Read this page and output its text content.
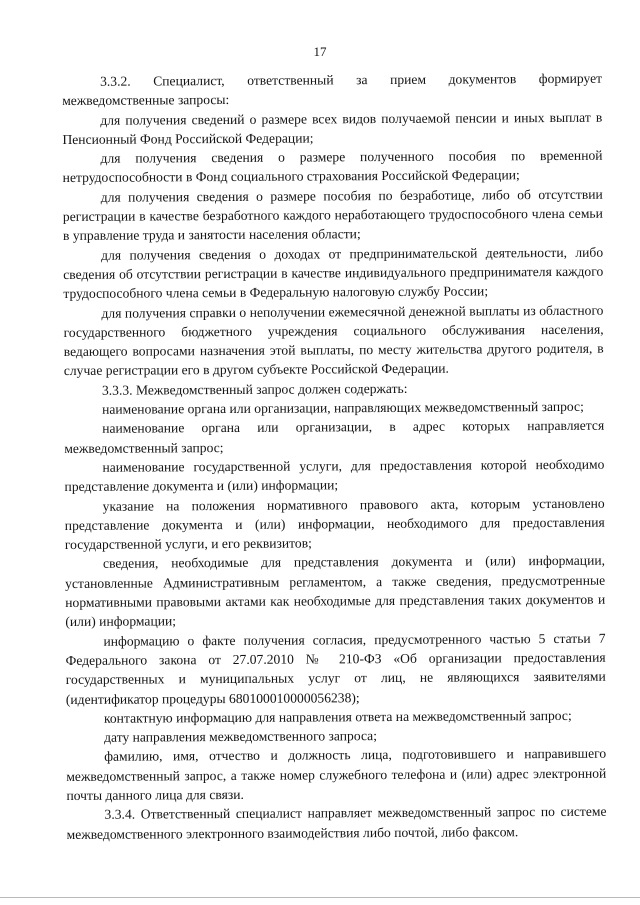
17

3.3.2. Специалист, ответственный за прием документов формирует межведомственные запросы:

для получения сведений о размере всех видов получаемой пенсии и иных выплат в Пенсионный Фонд Российской Федерации;

для получения сведения о размере полученного пособия по временной нетрудоспособности в Фонд социального страхования Российской Федерации;

для получения сведения о размере пособия по безработице, либо об отсутствии регистрации в качестве безработного каждого неработающего трудоспособного члена семьи в управление труда и занятости населения области;

для получения сведения о доходах от предпринимательской деятельности, либо сведения об отсутствии регистрации в качестве индивидуального предпринимателя каждого трудоспособного члена семьи в Федеральную налоговую службу России;

для получения справки о неполучении ежемесячной денежной выплаты из областного государственного бюджетного учреждения социального обслуживания населения, ведающего вопросами назначения этой выплаты, по месту жительства другого родителя, в случае регистрации его в другом субъекте Российской Федерации.

3.3.3. Межведомственный запрос должен содержать:

наименование органа или организации, направляющих межведомственный запрос;

наименование органа или организации, в адрес которых направляется межведомственный запрос;

наименование государственной услуги, для предоставления которой необходимо представление документа и (или) информации;

указание на положения нормативного правового акта, которым установлено представление документа и (или) информации, необходимого для предоставления государственной услуги, и его реквизитов;

сведения, необходимые для представления документа и (или) информации, установленные Административным регламентом, а также сведения, предусмотренные нормативными правовыми актами как необходимые для представления таких документов и (или) информации;

информацию о факте получения согласия, предусмотренного частью 5 статьи 7 Федерального закона от 27.07.2010 № 210-ФЗ «Об организации предоставления государственных и муниципальных услуг от лиц, не являющихся заявителями (идентификатор процедуры 680100010000056238);

контактную информацию для направления ответа на межведомственный запрос;

дату направления межведомственного запроса;

фамилию, имя, отчество и должность лица, подготовившего и направившего межведомственный запрос, а также номер служебного телефона и (или) адрес электронной почты данного лица для связи.

3.3.4. Ответственный специалист направляет межведомственный запрос по системе межведомственного электронного взаимодействия либо почтой, либо факсом.
